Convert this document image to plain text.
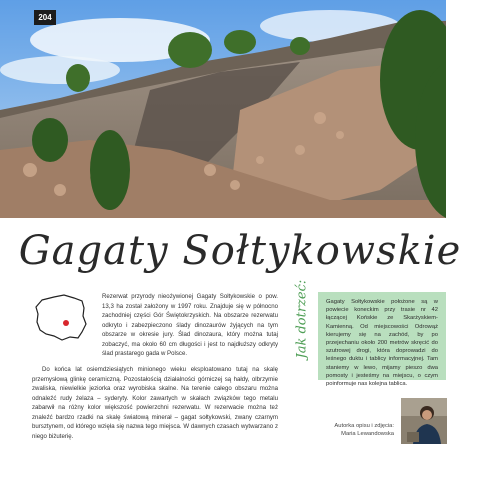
204
Gagaty Sołtykowskie
Rezerwat przyrody nieożywionej Gagaty Sołtykowskie o pow. 13,3 ha został założony w 1997 roku. Znajduje się w północno zachodniej części Gór Świętokrzyskich. Na obszarze rezerwatu odkryto i zabezpieczono ślady dinozaurów żyjących na tym obszarze w okresie jury. Ślad dinozaura, który można tutaj zobaczyć, ma około 60 cm długości i jest to najdłuższy odkryty ślad prastarego gada w Polsce.
Do końca lat osiemdziesiątych minionego wieku eksploatowano tutaj na skalę przemysłową glinkę ceramiczną. Pozostałością działalności górniczej są hałdy, olbrzymie zwaliska, niewielkie jeziorka oraz wyrobiska skalne. Na terenie całego obszaru można odnaleźć rudy żelaza – syderyty. Kolor zawartych w skałach związków tego metalu zabarwił na różny kolor większość powierzchni rezerwatu. W rezerwacie można też znaleźć bardzo rzadki na skalę światową minerał – gagat sołtykowski, zwany czarnym bursztynem, od którego wzięła się nazwa tego miejsca. W dawnych czasach wytwarzano z niego biżuterię.
Jak dotrzeć:	Gagaty Sołtykowskie położone są w powiecie koneckim przy trasie nr 42 łączącej Końskie ze Skarżyskiem-Kamienną. Od miejscowości Odrowąż kierujemy się na zachód, by po przejechaniu około 200 metrów skręcić do szutrowej drogi, która doprowadzi do leśnego duktu i tablicy informacyjnej. Tam staniemy w lewo, mijamy pieszo dwa pomosty i jesteśmy na miejscu, o czym poinformuje nas kolejna tablica.
Autorka opisu i zdjęcia:
Maria Lewandowska
